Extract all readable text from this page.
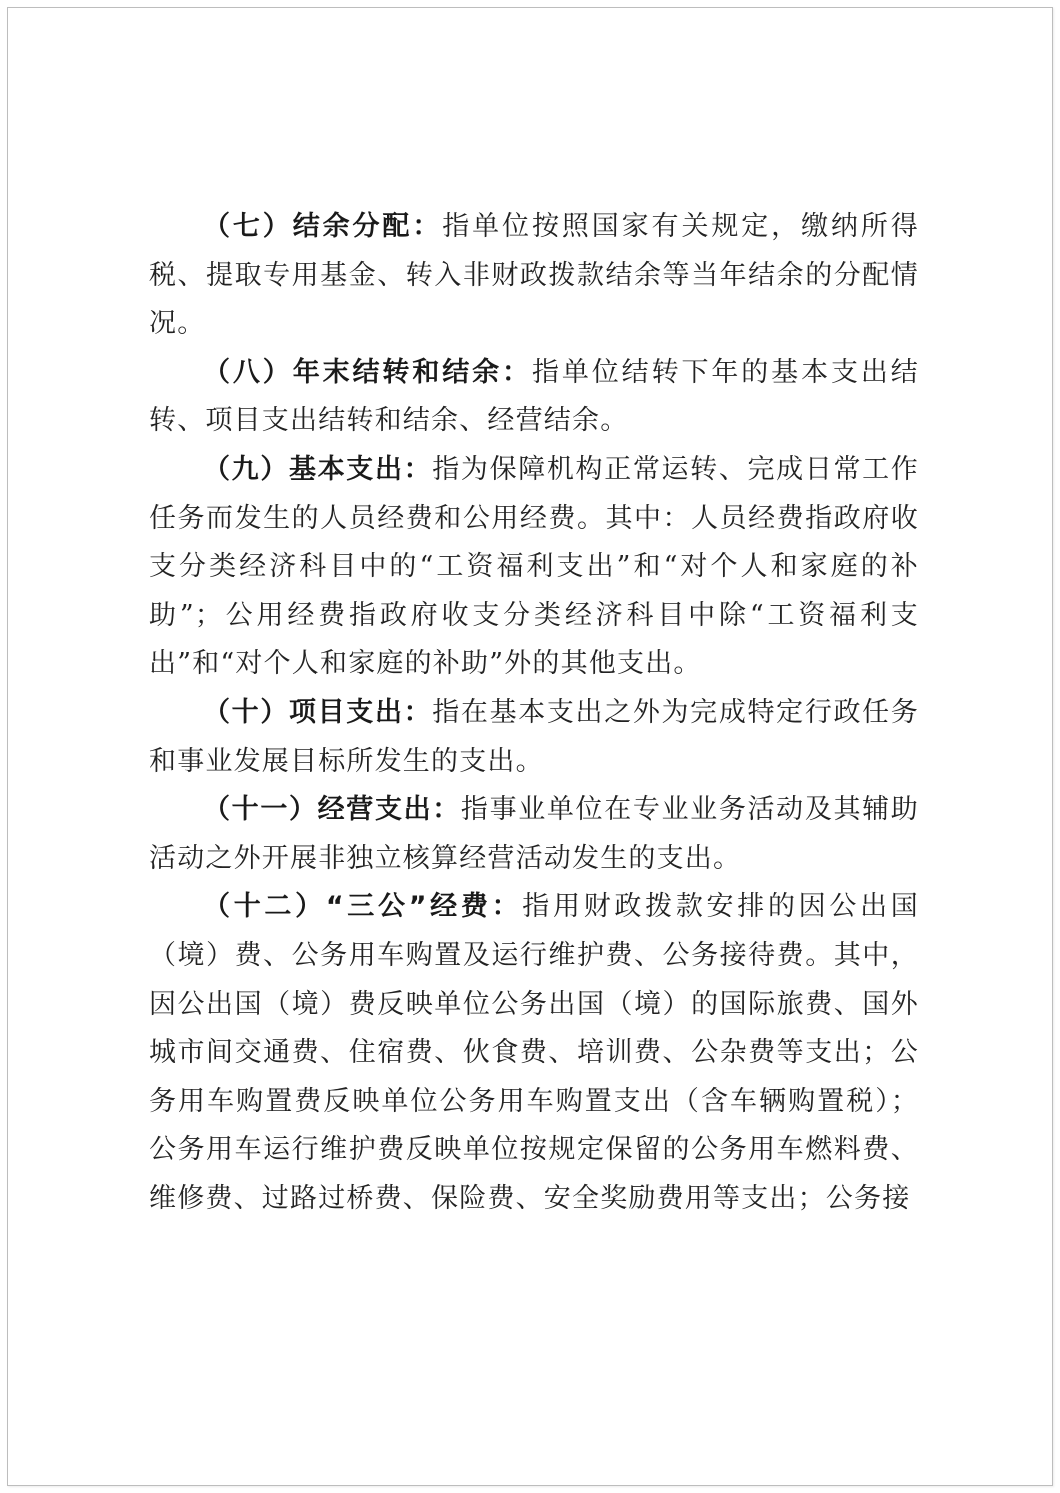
（七）结余分配：指单位按照国家有关规定，缴纳所得税、提取专用基金、转入非财政拨款结余等当年结余的分配情况。

（八）年末结转和结余：指单位结转下年的基本支出结转、项目支出结转和结余、经营结余。

（九）基本支出：指为保障机构正常运转、完成日常工作任务而发生的人员经费和公用经费。其中：人员经费指政府收支分类经济科目中的“工资福利支出”和“对个人和家庭的补助”；公用经费指政府收支分类经济科目中除“工资福利支出”和“对个人和家庭的补助”外的其他支出。

（十）项目支出：指在基本支出之外为完成特定行政任务和事业发展目标所发生的支出。

（十一）经营支出：指事业单位在专业业务活动及其辅助活动之外开展非独立核算经营活动发生的支出。

（十二）“三公”经费：指用财政拨款安排的因公出国（境）费、公务用车购置及运行维护费、公务接待费。其中，因公出国（境）费反映单位公务出国（境）的国际旅费、国外城市间交通费、住宿费、伙食费、培训费、公杂费等支出；公务用车购置费反映单位公务用车购置支出（含车辆购置税）；公务用车运行维护费反映单位按规定保留的公务用车燃料费、维修费、过路过桥费、保险费、安全奖励费用等支出；公务接
